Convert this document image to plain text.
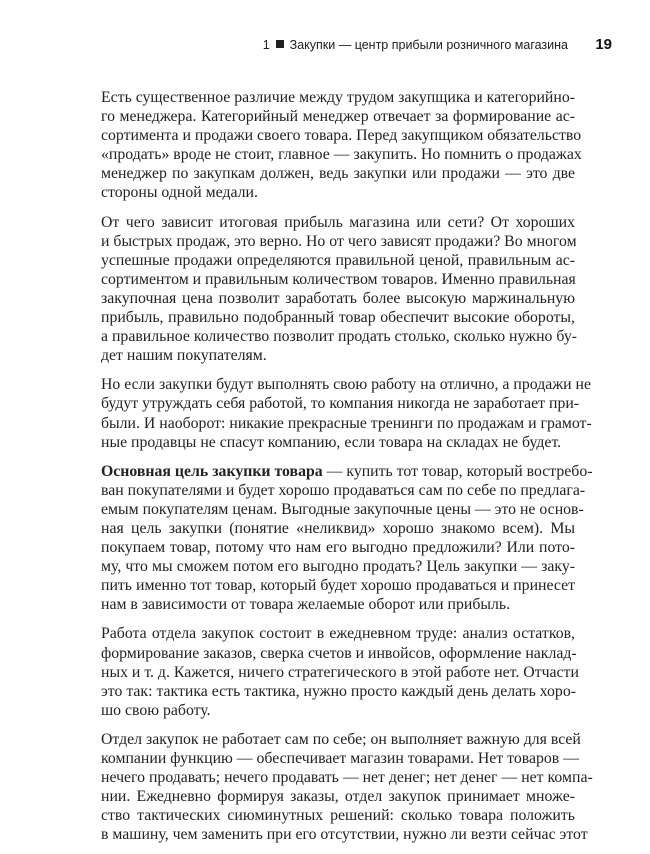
1 Закупки — центр прибыли розничного магазина 19
Есть существенное различие между трудом закупщика и категорийно-
го менеджера. Категорийный менеджер отвечает за формирование ас-
сортимента и продажи своего товара. Перед закупщиком обязательство
«продать» вроде не стоит, главное — закупить. Но помнить о продажах
менеджер по закупкам должен, ведь закупки или продажи — это две
стороны одной медали.
От чего зависит итоговая прибыль магазина или сети? От хороших
и быстрых продаж, это верно. Но от чего зависят продажи? Во многом
успешные продажи определяются правильной ценой, правильным ас-
сортиментом и правильным количеством товаров. Именно правильная
закупочная цена позволит заработать более высокую маржинальную
прибыль, правильно подобранный товар обеспечит высокие обороты,
а правильное количество позволит продать столько, сколько нужно бу-
дет нашим покупателям.
Но если закупки будут выполнять свою работу на отлично, а продажи не
будут утруждать себя работой, то компания никогда не заработает при-
были. И наоборот: никакие прекрасные тренинги по продажам и грамот-
ные продавцы не спасут компанию, если товара на складах не будет.
Основная цель закупки товара — купить тот товар, который востребо-
ван покупателями и будет хорошо продаваться сам по себе по предлага-
емым покупателям ценам. Выгодные закупочные цены — это не основ-
ная цель закупки (понятие «неликвид» хорошо знакомо всем). Мы
покупаем товар, потому что нам его выгодно предложили? Или пото-
му, что мы сможем потом его выгодно продать? Цель закупки — заку-
пить именно тот товар, который будет хорошо продаваться и принесет
нам в зависимости от товара желаемые оборот или прибыль.
Работа отдела закупок состоит в ежедневном труде: анализ остатков,
формирование заказов, сверка счетов и инвойсов, оформление наклад-
ных и т. д. Кажется, ничего стратегического в этой работе нет. Отчасти
это так: тактика есть тактика, нужно просто каждый день делать хоро-
шо свою работу.
Отдел закупок не работает сам по себе; он выполняет важную для всей
компании функцию — обеспечивает магазин товарами. Нет товаров —
нечего продавать; нечего продавать — нет денег; нет денег — нет компа-
нии. Ежедневно формируя заказы, отдел закупок принимает множе-
ство тактических сиюминутных решений: сколько товара положить
в машину, чем заменить при его отсутствии, нужно ли везти сейчас этот
